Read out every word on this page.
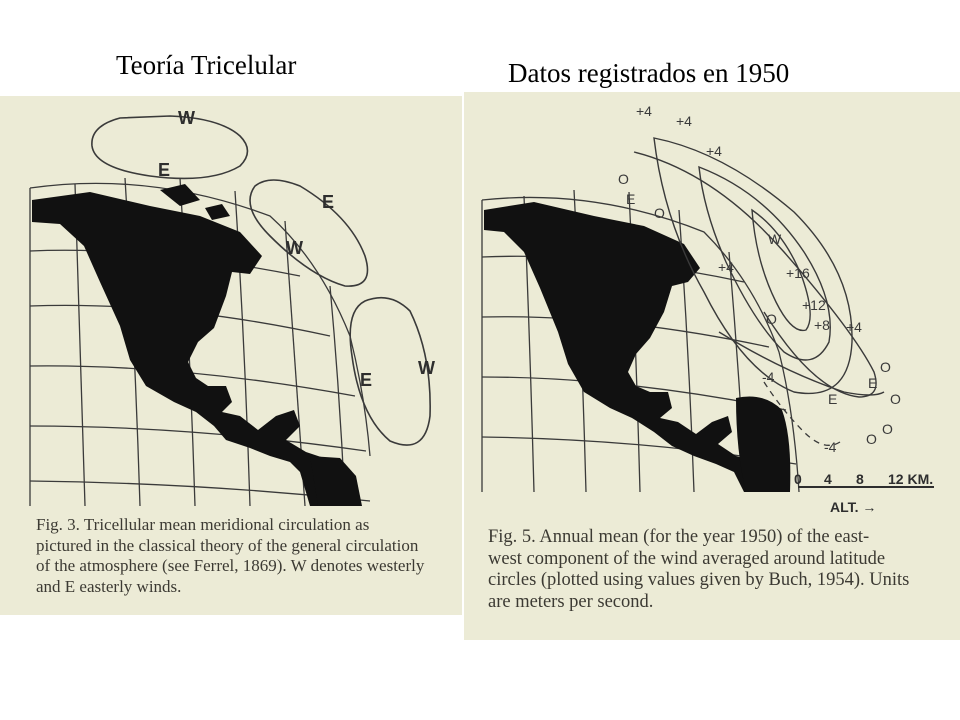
Teoría Tricelular	Datos registrados en 1950
W
E
E
W
E
W
Fig. 3. Tricellular mean meridional circulation as
pictured in the classical theory of the general circulation
of the atmosphere (see Ferrel, 1869). W denotes westerly
and E easterly winds.
+4
+4
+4
W
+16
+12
+8 +4
+4
O
O
O
O
O
O
O
E
E
E
-4
-4
0 4 8 12 KM.
ALT. →
Fig. 5. Annual mean (for the year 1950) of the east-
west component of the wind averaged around latitude
circles (plotted using values given by Buch, 1954). Units
are meters per second.
